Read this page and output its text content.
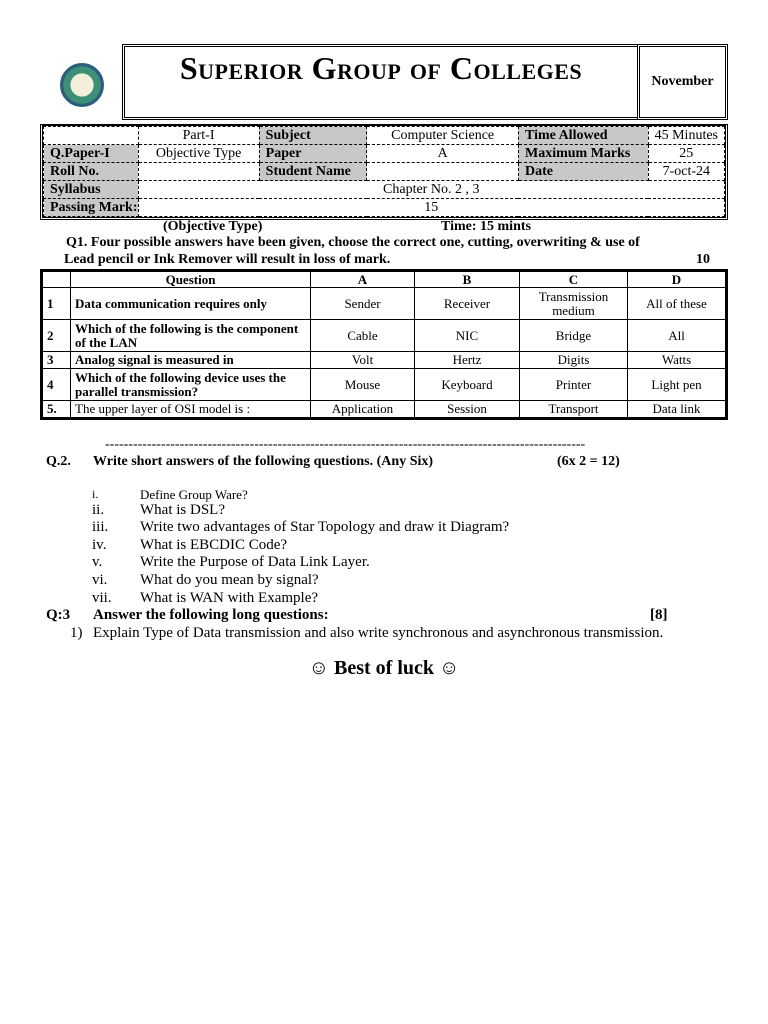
Superior Group of Colleges	November
	Part-I	Subject	Computer Science	Time Allowed	45 Minutes
Q.Paper-I	Objective Type	Paper	A	Maximum Marks	25
Roll No.		Student Name		Date	7-oct-24
Syllabus	Chapter No. 2 , 3				
Passing Mark:	15				
(Objective Type)	Time: 15 mints
Q1. Four possible answers have been given, choose the correct one, cutting, overwriting & use of
Lead pencil or Ink Remover will result in loss of mark.	10
	Question	A	B	C	D
1	Data communication requires only	Sender	Receiver	Transmission medium	All of these
2	Which of the following is the component of the LAN	Cable	NIC	Bridge	All
3	Analog signal is measured in	Volt	Hertz	Digits	Watts
4	Which of the following device uses the parallel transmission?	Mouse	Keyboard	Printer	Light pen
5.	The upper layer of OSI model is :	Application	Session	Transport	Data link
-------------------------------------------------------------------------------------------------------
Q.2. Write short answers of the following questions. (Any Six)	(6x 2 = 12)
i.	Define Group Ware?
ii.	What is DSL?
iii.	Write two advantages of Star Topology and draw it Diagram?
iv.	What is EBCDIC Code?
v.	Write the Purpose of Data Link Layer.
vi.	What do you mean by signal?
vii.	What is WAN with Example?
Q:3 Answer the following long questions:	[8]
1) Explain Type of Data transmission and also write synchronous and asynchronous transmission.
☺ Best of luck ☺
